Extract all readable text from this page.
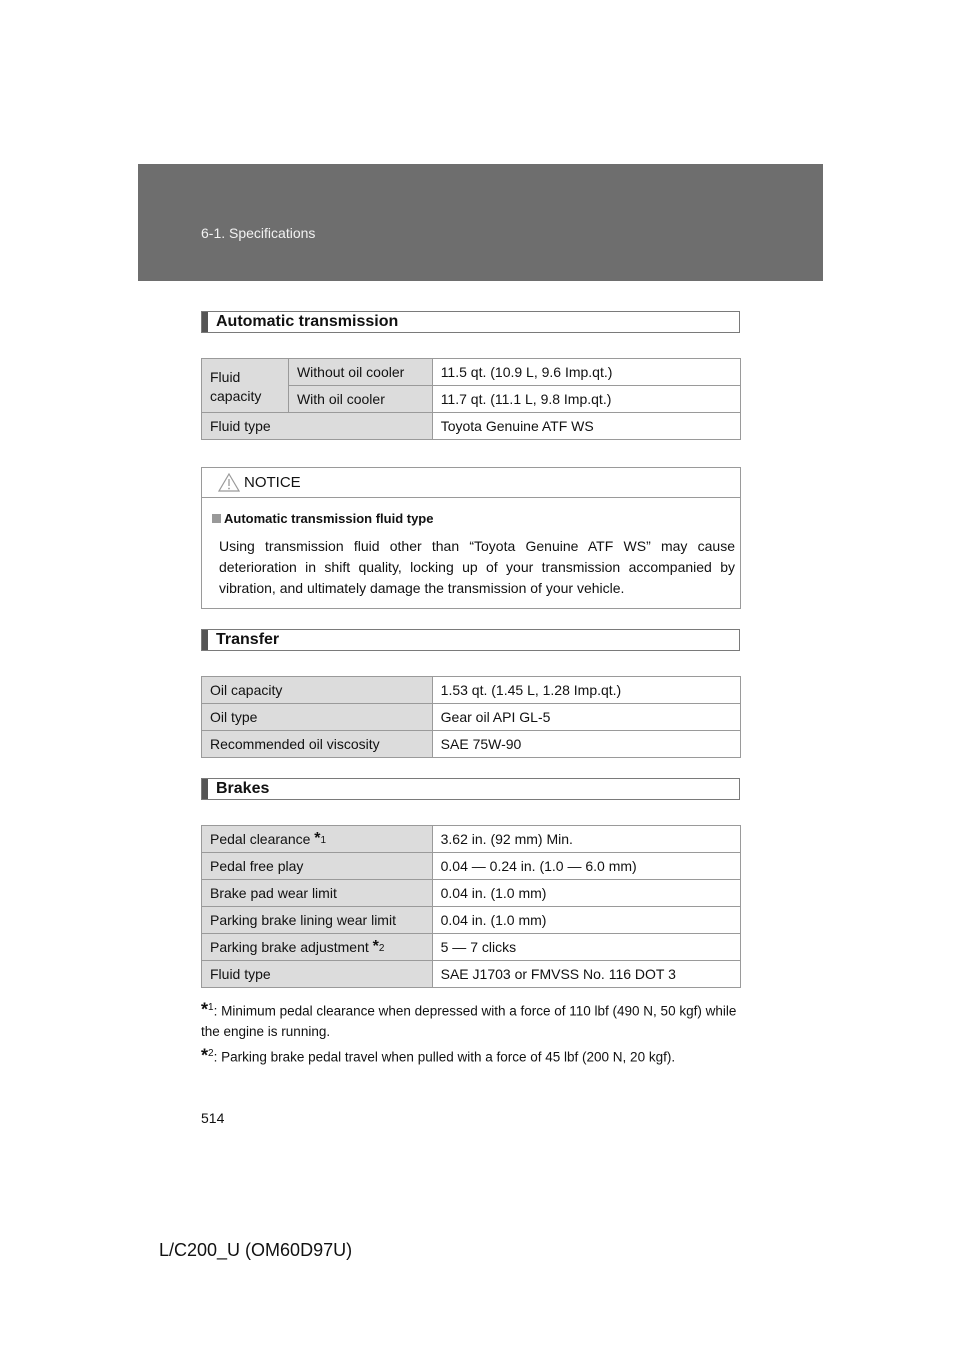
6-1. Specifications
Automatic transmission
Fluid capacity	Without oil cooler	11.5 qt. (10.9 L, 9.6 Imp.qt.)
	With oil cooler	11.7 qt. (11.1 L, 9.8 Imp.qt.)
Fluid type		Toyota Genuine ATF WS
NOTICE
Automatic transmission fluid type
Using transmission fluid other than “Toyota Genuine ATF WS” may cause deterioration in shift quality, locking up of your transmission accompanied by vibration, and ultimately damage the transmission of your vehicle.
Transfer
Oil capacity	1.53 qt. (1.45 L, 1.28 Imp.qt.)
Oil type	Gear oil API GL-5
Recommended oil viscosity	SAE 75W-90
Brakes
Pedal clearance $^{*1}$	3.62 in. (92 mm) Min.
Pedal free play	0.04 — 0.24 in. (1.0 — 6.0 mm)
Brake pad wear limit	0.04 in. (1.0 mm)
Parking brake lining wear limit	0.04 in. (1.0 mm)
Parking brake adjustment $^{*2}$	5 — 7 clicks
Fluid type	SAE J1703 or FMVSS No. 116 DOT 3
*$^1$: Minimum pedal clearance when depressed with a force of 110 lbf (490 N, 50 kgf) while the engine is running.
*$^2$: Parking brake pedal travel when pulled with a force of 45 lbf (200 N, 20 kgf).
514
L/C200_U (OM60D97U)
